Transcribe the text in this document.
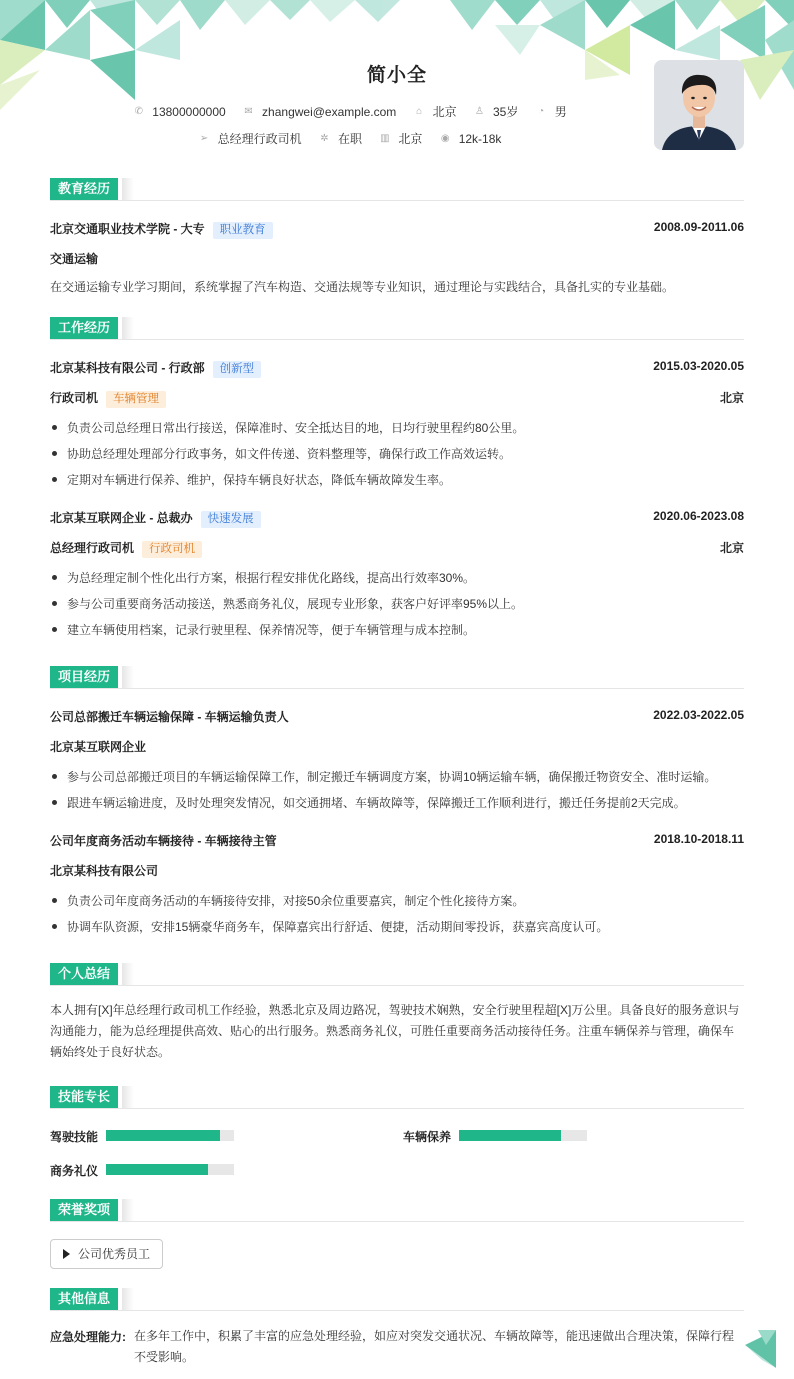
简小全
✆ 13800000000
✉ zhangwei@example.com
⌂ 北京
♙ 35岁
◔ 男
➢ 总经理行政司机
✲ 在职
▥ 北京
◉ 12k-18k
教育经历
北京交通职业技术学院 - 大专 职业教育	2008.09-2011.06
交通运输
在交通运输专业学习期间，系统掌握了汽车构造、交通法规等专业知识，通过理论与实践结合，具备扎实的专业基础。
工作经历
北京某科技有限公司 - 行政部 创新型	2015.03-2020.05
行政司机 车辆管理	北京
负责公司总经理日常出行接送，保障准时、安全抵达目的地，日均行驶里程约80公里。
协助总经理处理部分行政事务，如文件传递、资料整理等，确保行政工作高效运转。
定期对车辆进行保养、维护，保持车辆良好状态，降低车辆故障发生率。
北京某互联网企业 - 总裁办 快速发展	2020.06-2023.08
总经理行政司机 行政司机	北京
为总经理定制个性化出行方案，根据行程安排优化路线，提高出行效率30%。
参与公司重要商务活动接送，熟悉商务礼仪，展现专业形象，获客户好评率95%以上。
建立车辆使用档案，记录行驶里程、保养情况等，便于车辆管理与成本控制。
项目经历
公司总部搬迁车辆运输保障 - 车辆运输负责人	2022.03-2022.05
北京某互联网企业
参与公司总部搬迁项目的车辆运输保障工作，制定搬迁车辆调度方案，协调10辆运输车辆，确保搬迁物资安全、准时运输。
跟进车辆运输进度，及时处理突发情况，如交通拥堵、车辆故障等，保障搬迁工作顺利进行，搬迁任务提前2天完成。
公司年度商务活动车辆接待 - 车辆接待主管	2018.10-2018.11
北京某科技有限公司
负责公司年度商务活动的车辆接待安排，对接50余位重要嘉宾，制定个性化接待方案。
协调车队资源，安排15辆豪华商务车，保障嘉宾出行舒适、便捷，活动期间零投诉，获嘉宾高度认可。
个人总结
本人拥有[X]年总经理行政司机工作经验，熟悉北京及周边路况，驾驶技术娴熟，安全行驶里程超[X]万公里。具备良好的服务意识与沟通能力，能为总经理提供高效、贴心的出行服务。熟悉商务礼仪，可胜任重要商务活动接待任务。注重车辆保养与管理，确保车辆始终处于良好状态。
技能专长
驾驶技能	车辆保养
商务礼仪
荣誉奖项
公司优秀员工
其他信息
应急处理能力: 在多年工作中，积累了丰富的应急处理经验，如应对突发交通状况、车辆故障等，能迅速做出合理决策，保障行程不受影响。
